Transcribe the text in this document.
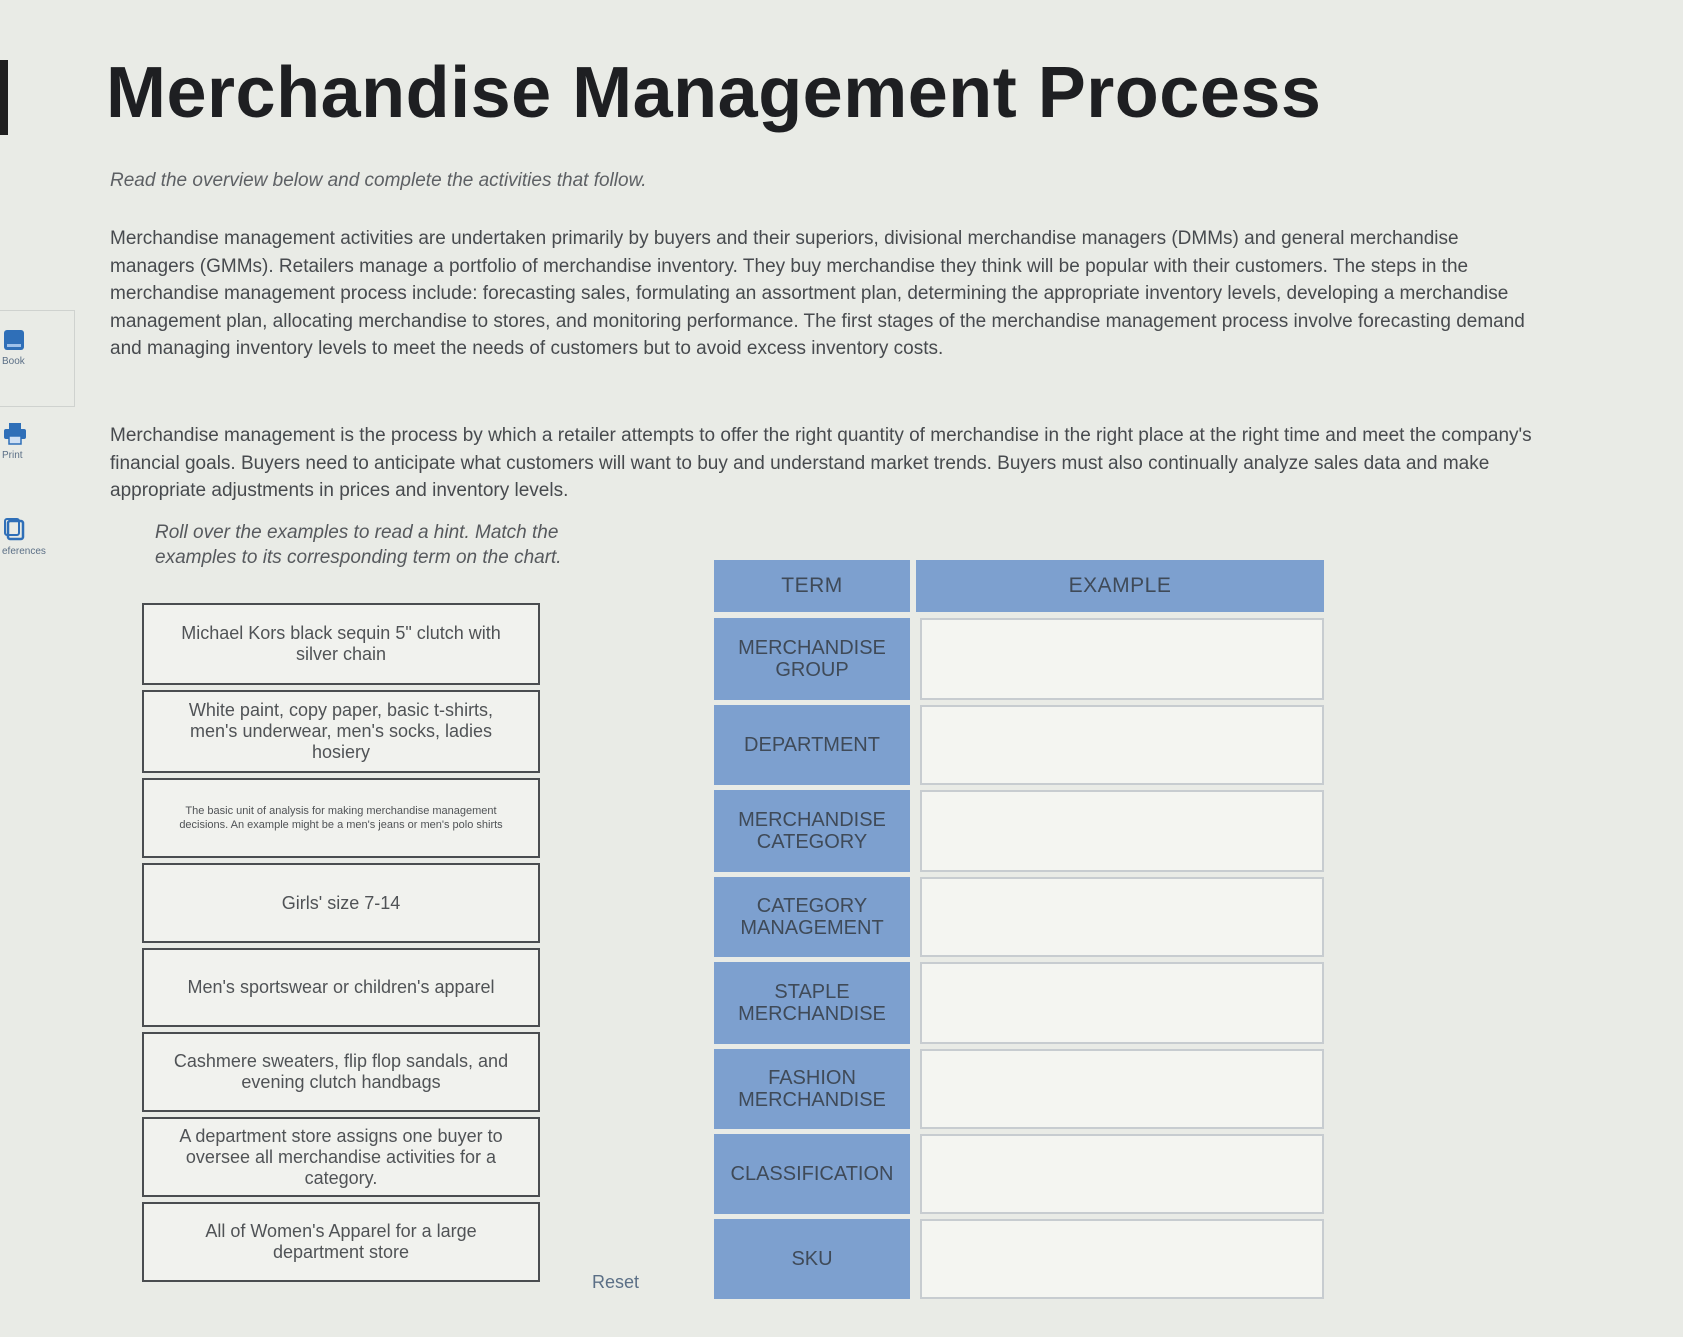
Book
Print
eferences
Merchandise Management Process
Read the overview below and complete the activities that follow.

Merchandise management activities are undertaken primarily by buyers and their superiors, divisional merchandise managers (DMMs) and general merchandise managers (GMMs). Retailers manage a portfolio of merchandise inventory. They buy merchandise they think will be popular with their customers. The steps in the merchandise management process include: forecasting sales, formulating an assortment plan, determining the appropriate inventory levels, developing a merchandise management plan, allocating merchandise to stores, and monitoring performance. The first stages of the merchandise management process involve forecasting demand and managing inventory levels to meet the needs of customers but to avoid excess inventory costs.

Merchandise management is the process by which a retailer attempts to offer the right quantity of merchandise in the right place at the right time and meet the company's financial goals. Buyers need to anticipate what customers will want to buy and understand market trends. Buyers must also continually analyze sales data and make appropriate adjustments in prices and inventory levels.

Roll over the examples to read a hint. Match the examples to its corresponding term on the chart.
Michael Kors black sequin 5" clutch with silver chain
White paint, copy paper, basic t-shirts, men's underwear, men's socks, ladies hosiery
The basic unit of analysis for making merchandise management decisions. An example might be a men's jeans or men's polo shirts
Girls' size 7-14
Men's sportswear or children's apparel
Cashmere sweaters, flip flop sandals, and evening clutch handbags
A department store assigns one buyer to oversee all merchandise activities for a category.
All of Women's Apparel for a large department store
Reset
TERM	EXAMPLE
MERCHANDISE GROUP
DEPARTMENT
MERCHANDISE CATEGORY
CATEGORY MANAGEMENT
STAPLE MERCHANDISE
FASHION MERCHANDISE
CLASSIFICATION
SKU
